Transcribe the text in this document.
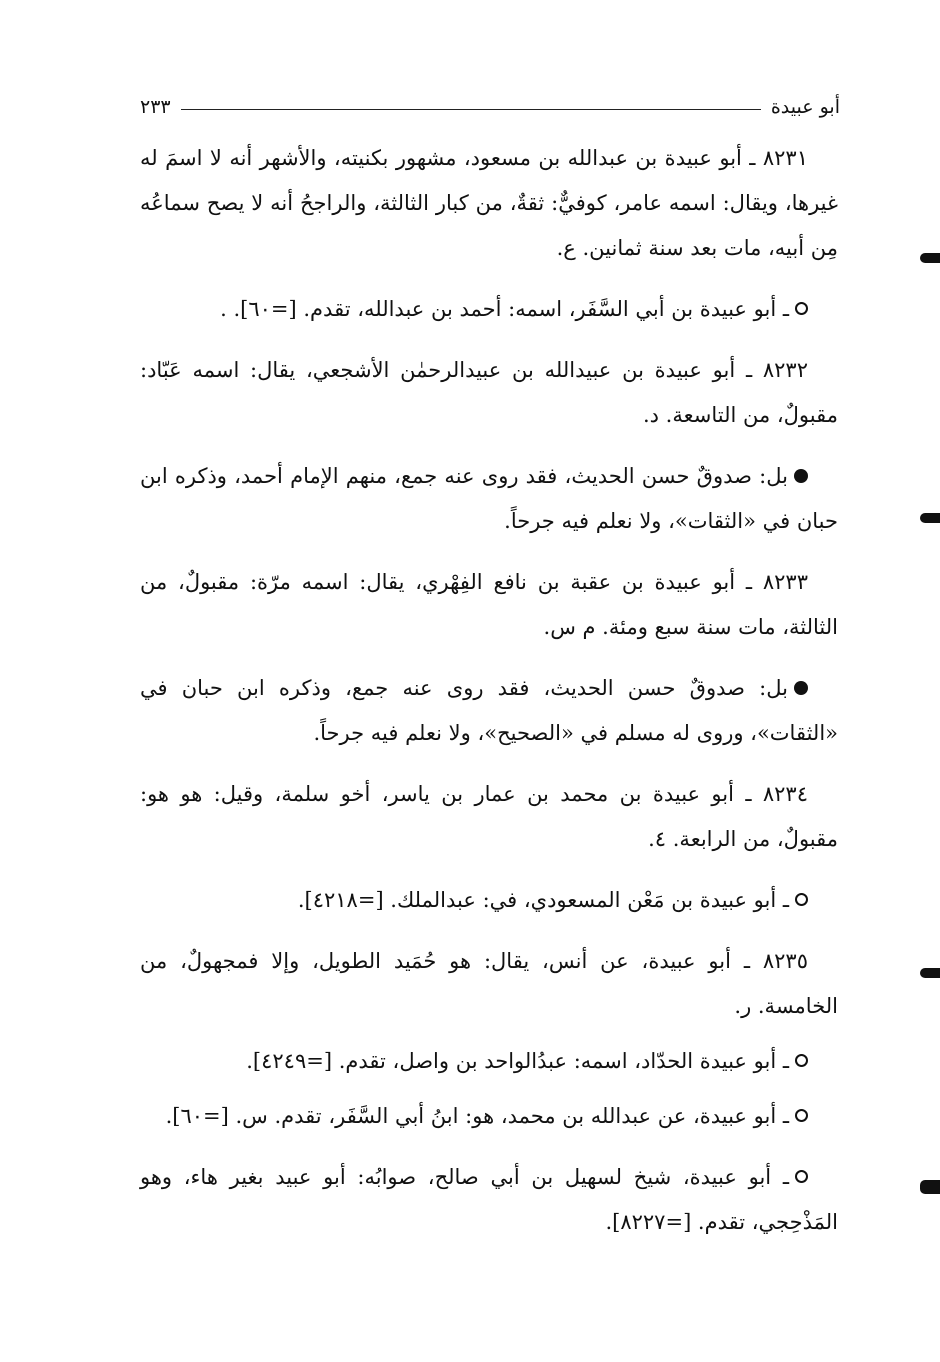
أبو عبيدة
٢٣٣

٨٢٣١ ـ أبو عبيدة بن عبدالله بن مسعود، مشهور بكنيته، والأشهر أنه لا اسمَ له غيرها، ويقال: اسمه عامر، كوفيٌّ: ثقةٌ، من كبار الثالثة، والراجحُ أنه لا يصح سماعُه مِن أبيه، مات بعد سنة ثمانين. ع.

ـ أبو عبيدة بن أبي السَّفَر، اسمه: أحمد بن عبدالله، تقدم. [=٦٠]. .

٨٢٣٢ ـ أبو عبيدة بن عبيدالله بن عبيدالرحمٰن الأشجعي، يقال: اسمه عَبّاد: مقبولٌ، من التاسعة. د.

بل: صدوقٌ حسن الحديث، فقد روى عنه جمع، منهم الإمام أحمد، وذكره ابن حبان في «الثقات»، ولا نعلم فيه جرحاً.

٨٢٣٣ ـ أبو عبيدة بن عقبة بن نافع الفِهْري، يقال: اسمه مرّة: مقبولٌ، من الثالثة، مات سنة سبع ومئة. م س.

بل: صدوقٌ حسن الحديث، فقد روى عنه جمع، وذكره ابن حبان في «الثقات»، وروى له مسلم في «الصحيح»، ولا نعلم فيه جرحاً.

٨٢٣٤ ـ أبو عبيدة بن محمد بن عمار بن ياسر، أخو سلمة، وقيل: هو هو: مقبولٌ، من الرابعة. ٤.

ـ أبو عبيدة بن مَعْن المسعودي، في: عبدالملك. [=٤٢١٨].

٨٢٣٥ ـ أبو عبيدة، عن أنس، يقال: هو حُمَيد الطويل، وإلا فمجهولٌ، من الخامسة. ر.

ـ أبو عبيدة الحدّاد، اسمه: عبدُالواحد بن واصل، تقدم. [=٤٢٤٩].

ـ أبو عبيدة، عن عبدالله بن محمد، هو: ابنُ أبي السَّفَر، تقدم. س. [=٦٠].

ـ أبو عبيدة، شيخ لسهيل بن أبي صالح، صوابُه: أبو عبيد بغير هاء، وهو المَذْحِجي، تقدم. [=٨٢٢٧].
